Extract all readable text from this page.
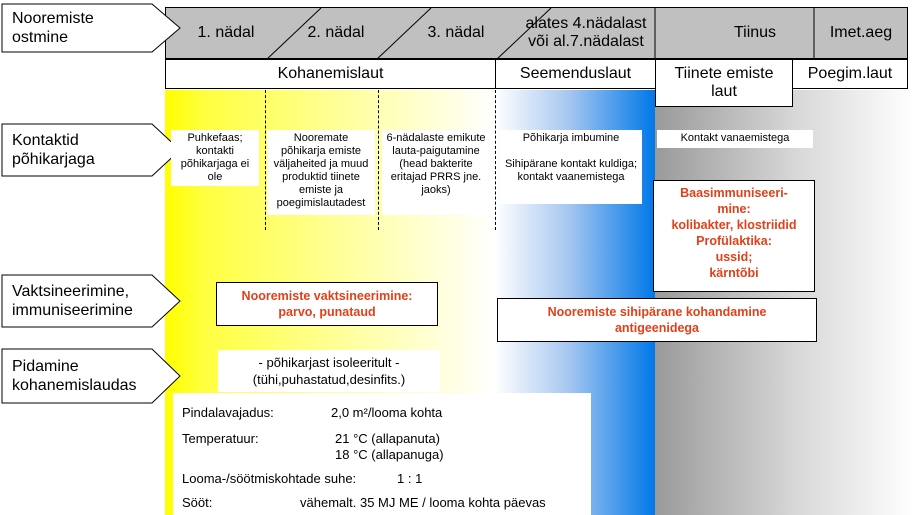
1. nädal	2. nädal	3. nädal
alates 4.nädalast
või al.7.nädalast
Tiinus	Imet.aeg
Kohanemislaut	Seemenduslaut	Tiinete emiste
laut
Poegim.laut
Nooremiste
ostmine
Kontaktid
põhikarjaga
Vaktsineerimine,
immuniseerimine
Pidamine
kohanemislaudas
Puhkefaas; kontakti põhikarjaga ei ole
Nooremate põhikarja emiste väljaheited ja muud produktid tiinete emiste ja poegimislautadest
6-nädalaste emikute lauta-paigutamine (head bakterite eritajad PRRS jne. jaoks)
Põhikarja imbumine
Sihipärane kontakt kuldiga; kontakt vaanemistega
Kontakt vanaemistega
Baasimmuniseeri-
mine:
kolibakter, klostriidid
Profülaktika:
ussid;
kärntõbi
Nooremiste vaktsineerimine:
parvo, punataud	Nooremiste sihipärane kohandamine
antigeenidega
- põhikarjast isoleeritult -
(tühi,puhastatud,desinfits.)
Pindalavajadus:	2,0 m²/looma kohta
Temperatuur:	21 °C (allapanuta)
18 °C (allapanuga)
Looma-/söötmiskohtade suhe:	1 : 1
Sööt:	vähemalt. 35 MJ ME / looma kohta päevas
